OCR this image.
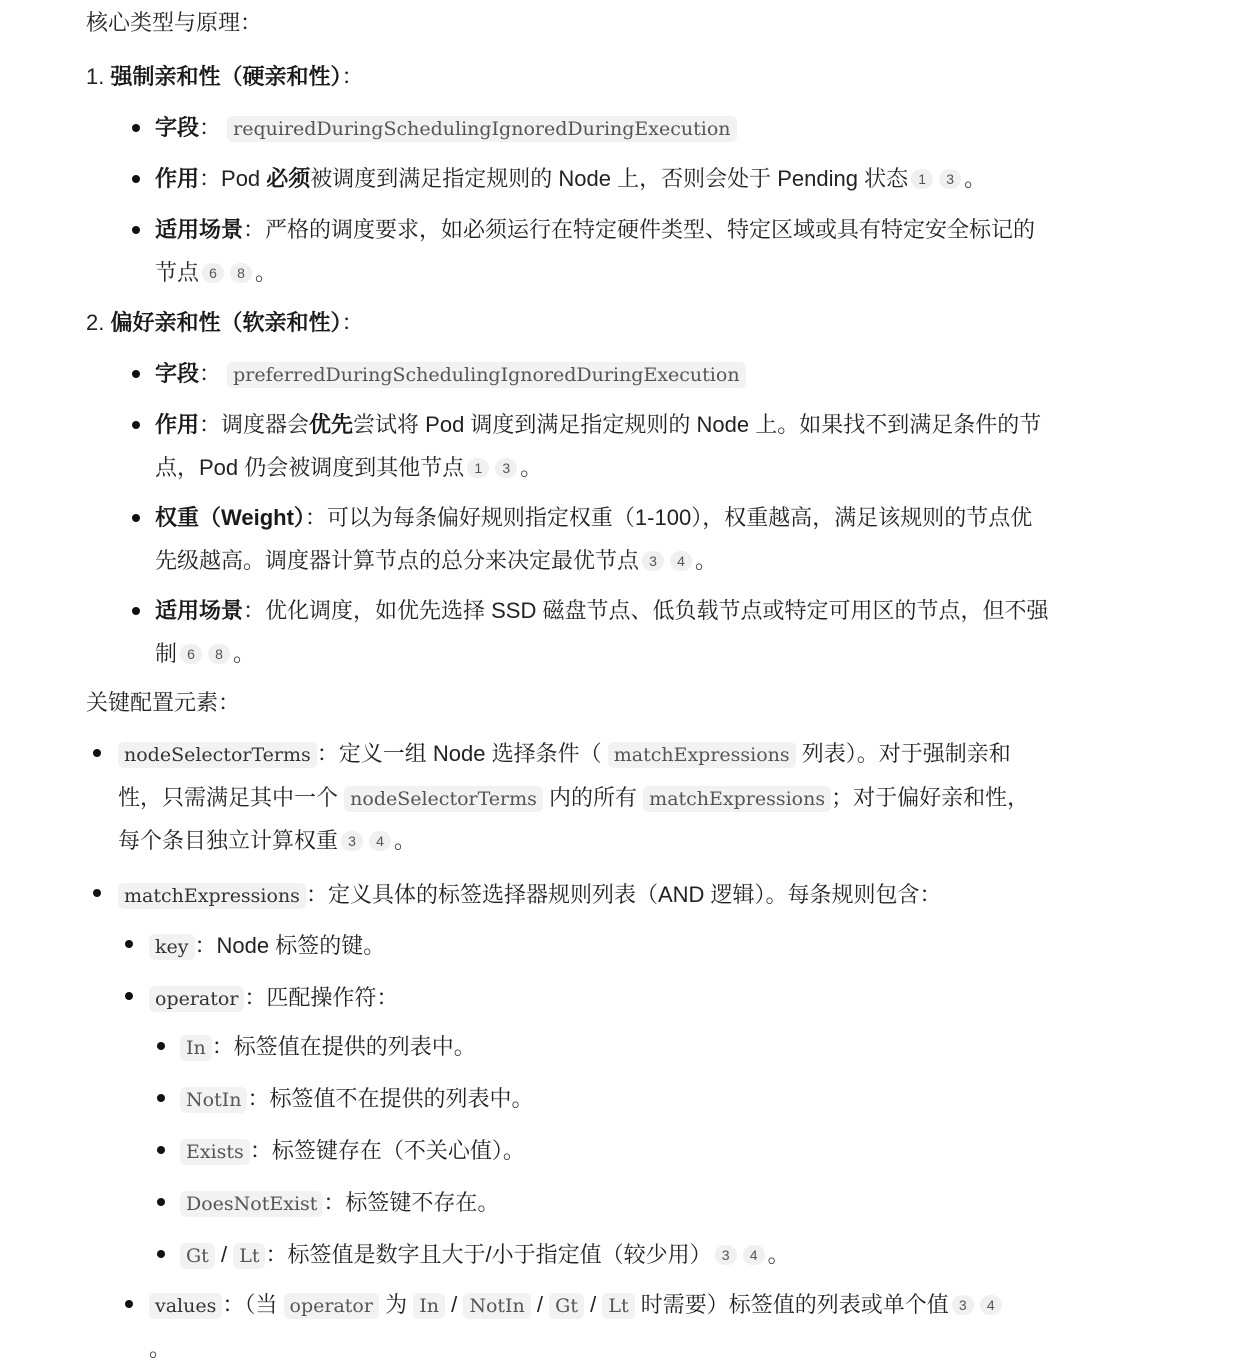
核心类型与原理：
1. 强制亲和性（硬亲和性）：
字段： requiredDuringSchedulingIgnoredDuringExecution
作用：Pod 必须被调度到满足指定规则的 Node 上，否则会处于 Pending 状态 1 3 。
适用场景：严格的调度要求，如必须运行在特定硬件类型、特定区域或具有特定安全标记的
节点 6 8 。
2. 偏好亲和性（软亲和性）：
字段： preferredDuringSchedulingIgnoredDuringExecution
作用：调度器会优先尝试将 Pod 调度到满足指定规则的 Node 上。如果找不到满足条件的节
点，Pod 仍会被调度到其他节点 1 3 。
权重（Weight）：可以为每条偏好规则指定权重（1-100），权重越高，满足该规则的节点优
先级越高。调度器计算节点的总分来决定最优节点 3 4 。
适用场景：优化调度，如优先选择 SSD 磁盘节点、低负载节点或特定可用区的节点，但不强
制 6 8 。
关键配置元素：
nodeSelectorTerms ：定义一组 Node 选择条件（ matchExpressions 列表）。对于强制亲和
性，只需满足其中一个 nodeSelectorTerms 内的所有 matchExpressions ；对于偏好亲和性，
每个条目独立计算权重 3 4 。
matchExpressions ：定义具体的标签选择器规则列表（AND 逻辑）。每条规则包含：
key ：Node 标签的键。
operator ：匹配操作符：
In ：标签值在提供的列表中。
NotIn ：标签值不在提供的列表中。
Exists ：标签键存在（不关心值）。
DoesNotExist ：标签键不存在。
Gt / Lt ：标签值是数字且大于/小于指定值（较少用） 3 4 。
values ：（当 operator 为 In / NotIn / Gt / Lt 时需要）标签值的列表或单个值 3 4
。
